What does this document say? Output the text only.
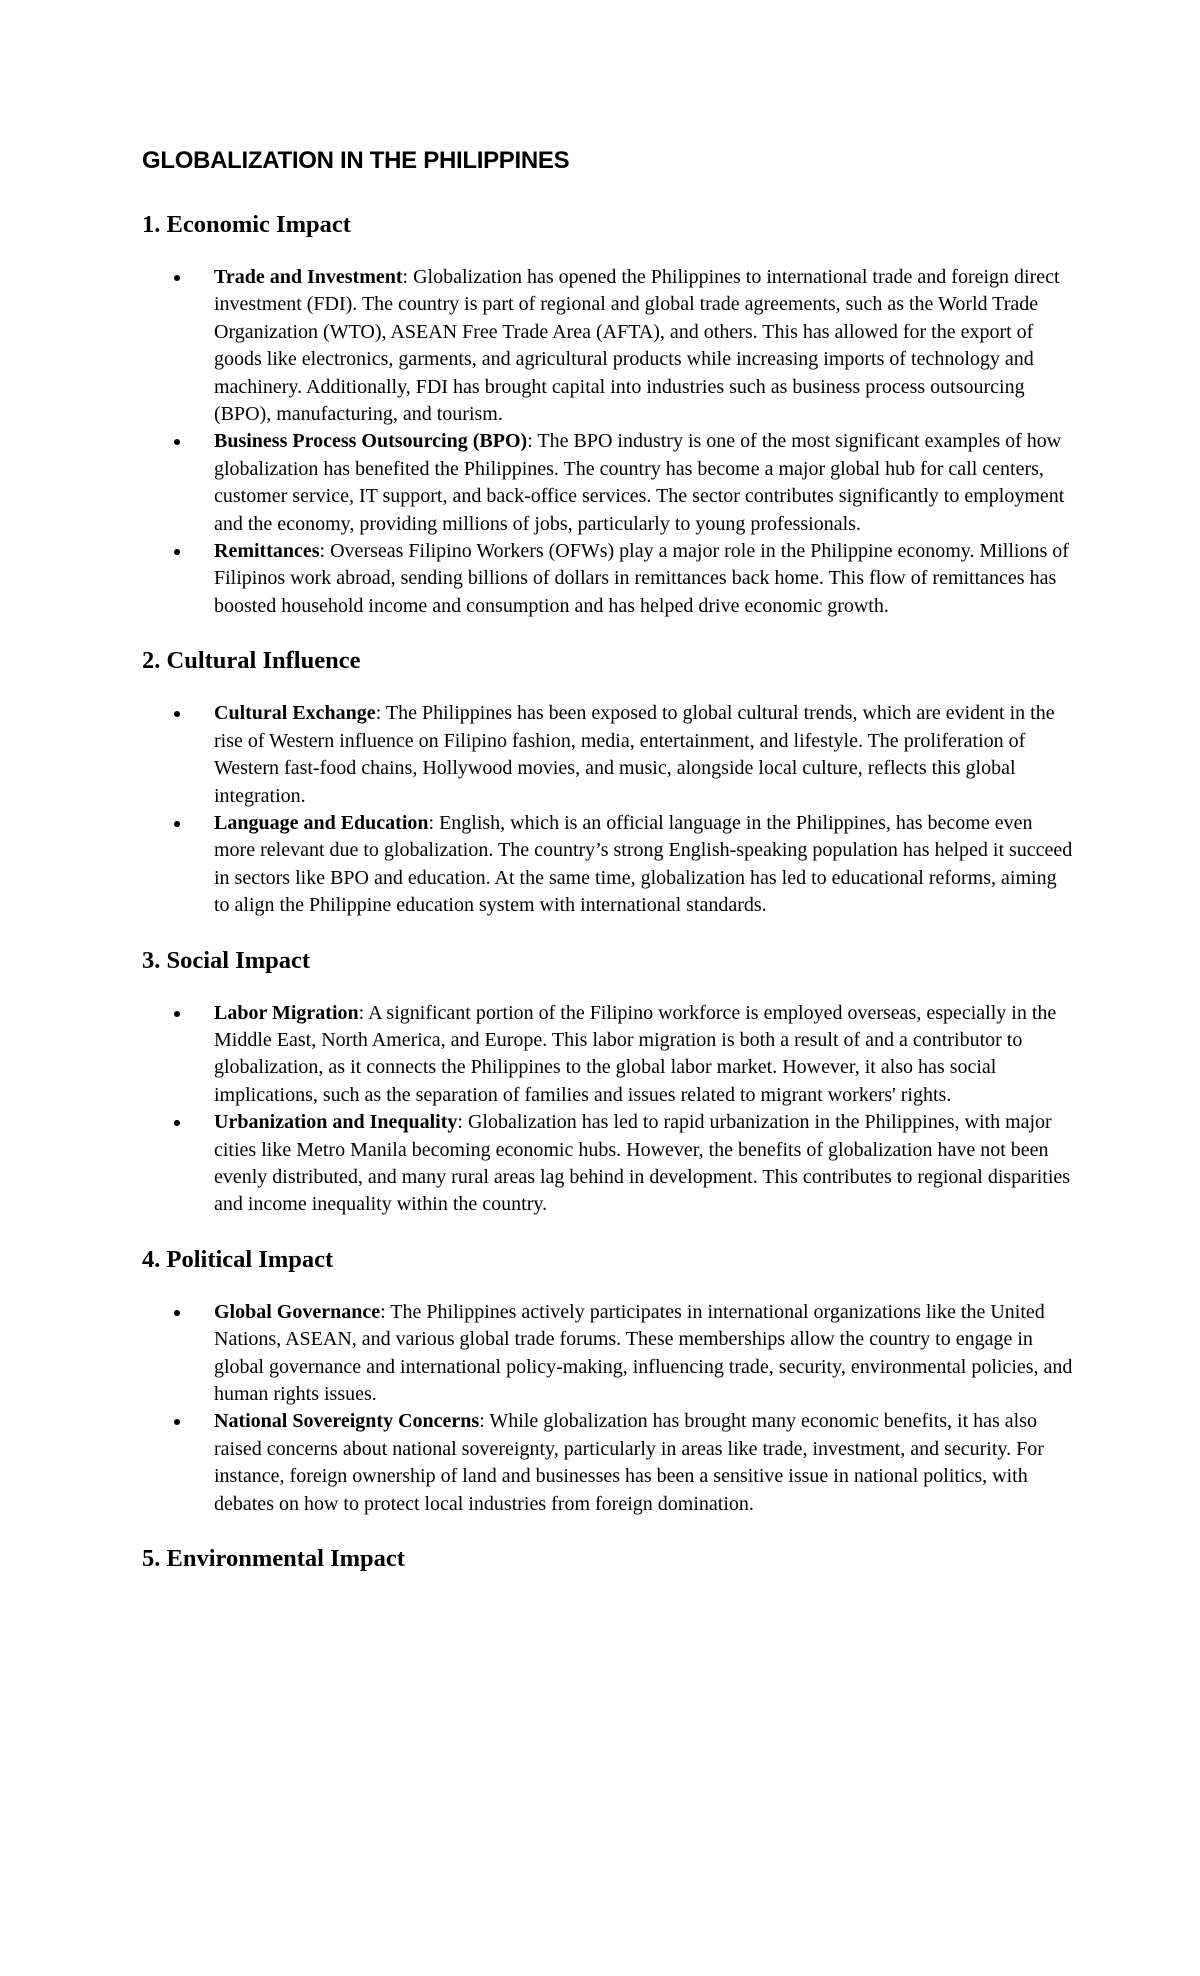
GLOBALIZATION IN THE PHILIPPINES
1. Economic Impact
Trade and Investment: Globalization has opened the Philippines to international trade and foreign direct investment (FDI). The country is part of regional and global trade agreements, such as the World Trade Organization (WTO), ASEAN Free Trade Area (AFTA), and others. This has allowed for the export of goods like electronics, garments, and agricultural products while increasing imports of technology and machinery. Additionally, FDI has brought capital into industries such as business process outsourcing (BPO), manufacturing, and tourism.
Business Process Outsourcing (BPO): The BPO industry is one of the most significant examples of how globalization has benefited the Philippines. The country has become a major global hub for call centers, customer service, IT support, and back-office services. The sector contributes significantly to employment and the economy, providing millions of jobs, particularly to young professionals.
Remittances: Overseas Filipino Workers (OFWs) play a major role in the Philippine economy. Millions of Filipinos work abroad, sending billions of dollars in remittances back home. This flow of remittances has boosted household income and consumption and has helped drive economic growth.
2. Cultural Influence
Cultural Exchange: The Philippines has been exposed to global cultural trends, which are evident in the rise of Western influence on Filipino fashion, media, entertainment, and lifestyle. The proliferation of Western fast-food chains, Hollywood movies, and music, alongside local culture, reflects this global integration.
Language and Education: English, which is an official language in the Philippines, has become even more relevant due to globalization. The country’s strong English-speaking population has helped it succeed in sectors like BPO and education. At the same time, globalization has led to educational reforms, aiming to align the Philippine education system with international standards.
3. Social Impact
Labor Migration: A significant portion of the Filipino workforce is employed overseas, especially in the Middle East, North America, and Europe. This labor migration is both a result of and a contributor to globalization, as it connects the Philippines to the global labor market. However, it also has social implications, such as the separation of families and issues related to migrant workers' rights.
Urbanization and Inequality: Globalization has led to rapid urbanization in the Philippines, with major cities like Metro Manila becoming economic hubs. However, the benefits of globalization have not been evenly distributed, and many rural areas lag behind in development. This contributes to regional disparities and income inequality within the country.
4. Political Impact
Global Governance: The Philippines actively participates in international organizations like the United Nations, ASEAN, and various global trade forums. These memberships allow the country to engage in global governance and international policy-making, influencing trade, security, environmental policies, and human rights issues.
National Sovereignty Concerns: While globalization has brought many economic benefits, it has also raised concerns about national sovereignty, particularly in areas like trade, investment, and security. For instance, foreign ownership of land and businesses has been a sensitive issue in national politics, with debates on how to protect local industries from foreign domination.
5. Environmental Impact
